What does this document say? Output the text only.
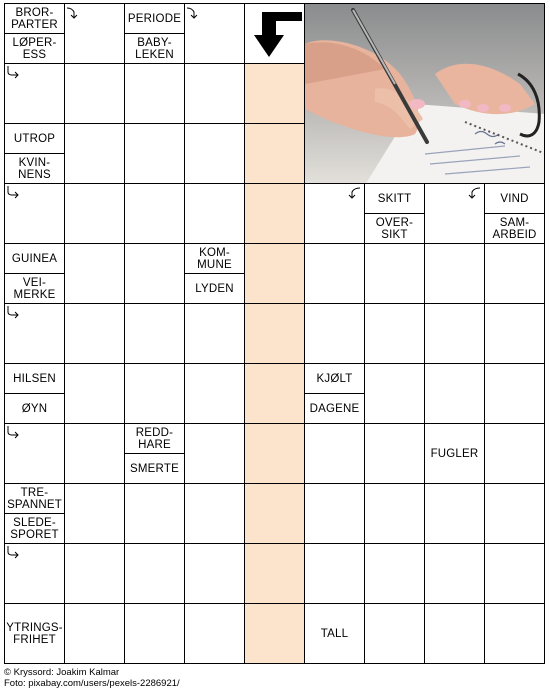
BROR-
PARTER
LØPER-
ESS
PERIODE
BABY-
LEKEN
UTROP
KVIN-
NENS
SKITT
OVER-
SIKT
VIND
SAM-
ARBEID
GUINEA
VEI-
MERKE
KOM-
MUNE
LYDEN
HILSEN
ØYN
KJØLT
DAGENE
REDD-
HARE
SMERTE
FUGLER
TRE-
SPANNET
SLEDE-
SPORET
YTRINGS-
FRIHET	TALL
© Kryssord: Joakim Kalmar
Foto: pixabay.com/users/pexels-2286921/
